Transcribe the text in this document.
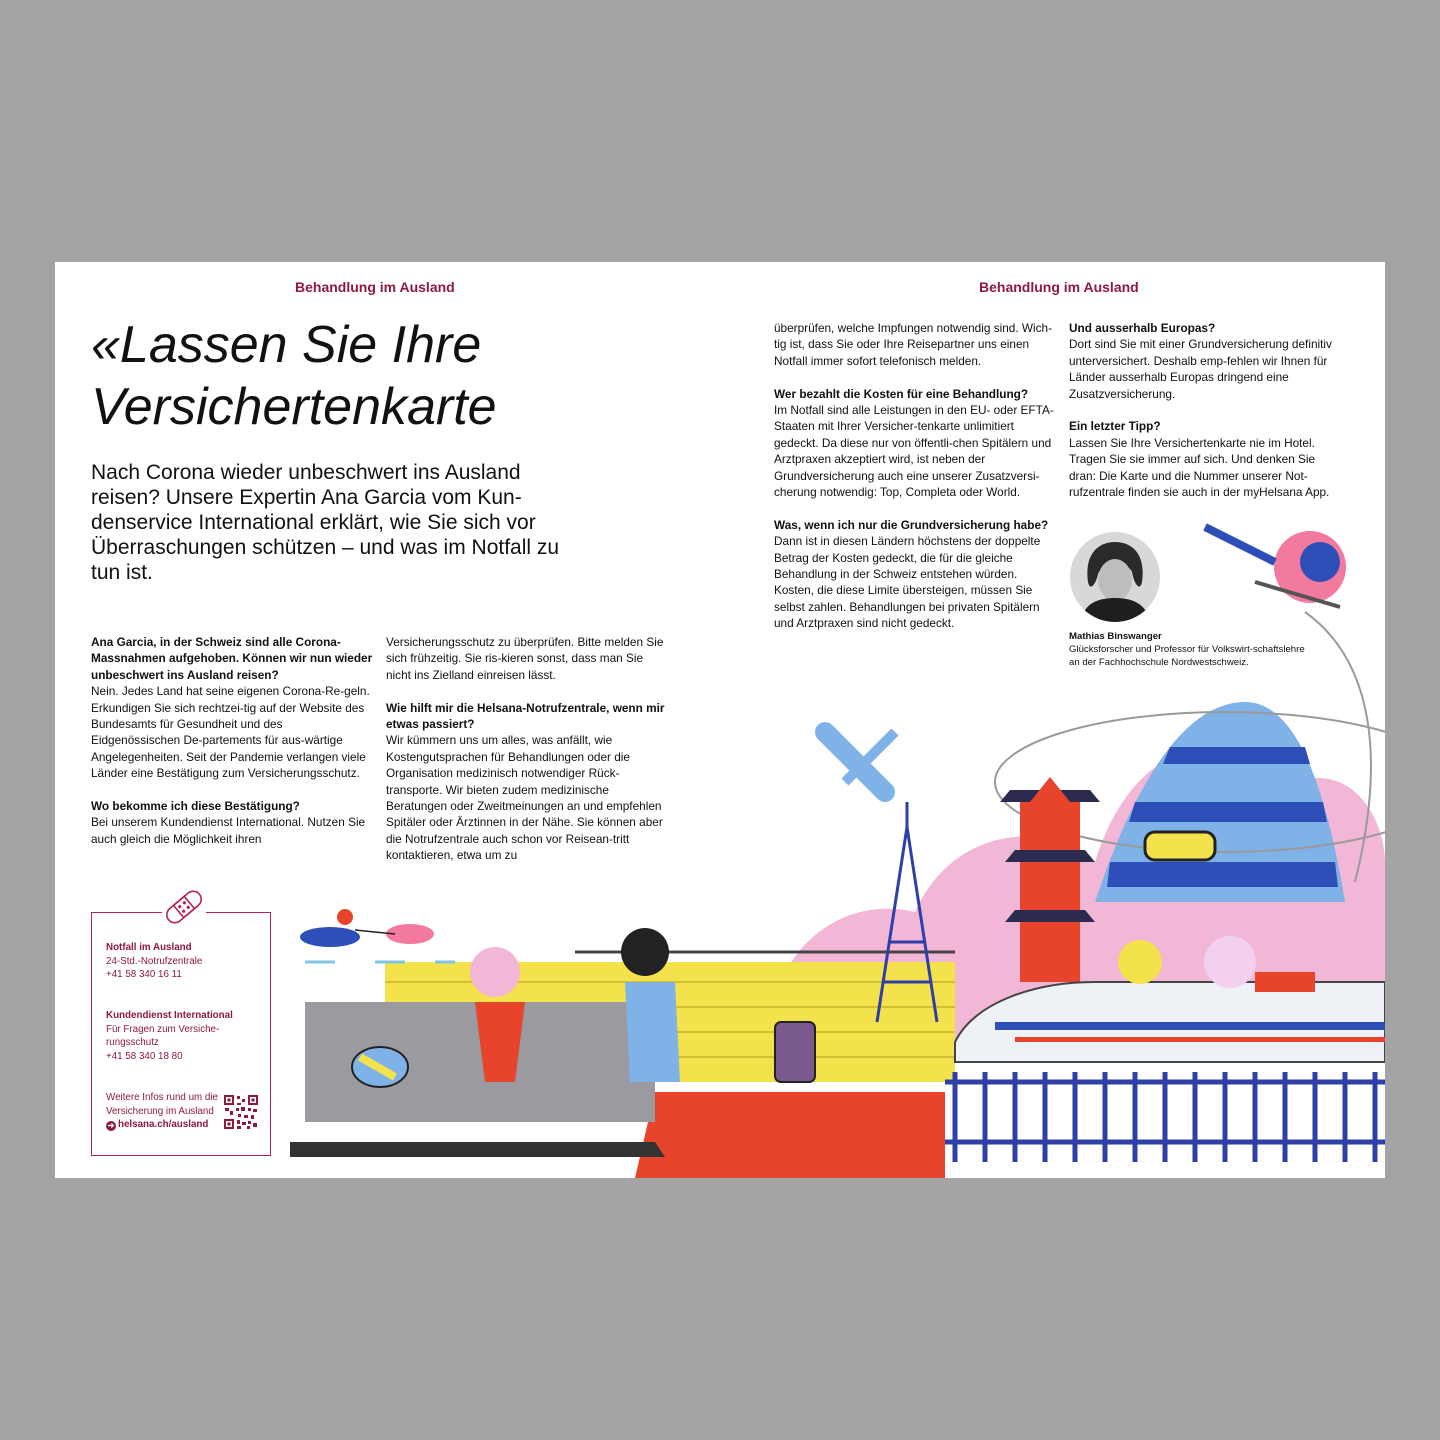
Behandlung im Ausland	Behandlung im Ausland
«Lassen Sie Ihre Versichertenkarte

Nach Corona wieder unbeschwert ins Ausland reisen? Unsere Expertin Ana Garcia vom Kun-denservice International erklärt, wie Sie sich vor Überraschungen schützen – und was im Notfall zu tun ist.

Ana Garcia, in der Schweiz sind alle Corona-Massnahmen aufgehoben. Können wir nun wieder unbeschwert ins Ausland reisen?
Nein. Jedes Land hat seine eigenen Corona-Re-geln. Erkundigen Sie sich rechtzei-tig auf der Website des Bundesamts für Gesundheit und des Eidgenössischen De-partements für aus-wärtige Angelegenheiten. Seit der Pandemie verlangen viele Länder eine Bestätigung zum Versicherungsschutz.

Wo bekomme ich diese Bestätigung?
Bei unserem Kundendienst International. Nutzen Sie auch gleich die Möglichkeit ihren

Versicherungsschutz zu überprüfen. Bitte melden Sie sich frühzeitig. Sie ris-kieren sonst, dass man Sie nicht ins Zielland einreisen lässt.

Wie hilft mir die Helsana-Notrufzentrale, wenn mir etwas passiert?
Wir kümmern uns um alles, was anfällt, wie Kostengutsprachen für Behandlungen oder die Organisation medizinisch notwendiger Rück-transporte. Wir bieten zudem medizinische Beratungen oder Zweitmeinungen an und empfehlen Spitäler oder Ärztinnen in der Nähe. Sie können aber die Notrufzentrale auch schon vor Reisean-tritt kontaktieren, etwa um zu

überprüfen, welche Impfungen notwendig sind. Wich-tig ist, dass Sie oder Ihre Reisepartner uns einen Notfall immer sofort telefonisch melden.

Wer bezahlt die Kosten für eine Behandlung?
Im Notfall sind alle Leistungen in den EU- oder EFTA-Staaten mit Ihrer Versicher-tenkarte unlimitiert gedeckt. Da diese nur von öffentli-chen Spitälern und Arztpraxen akzeptiert wird, ist neben der Grundversicherung auch eine unserer Zusatzversi-cherung notwendig: Top, Completa oder World.

Was, wenn ich nur die Grundversicherung habe?
Dann ist in diesen Ländern höchstens der doppelte Betrag der Kosten gedeckt, die für die gleiche Behandlung in der Schweiz entstehen würden. Kosten, die diese Limite übersteigen, müssen Sie selbst zahlen. Behandlungen bei privaten Spitälern und Arztpraxen sind nicht gedeckt.

Und ausserhalb Europas?
Dort sind Sie mit einer Grundversicherung definitiv unterversichert. Deshalb emp-fehlen wir Ihnen für Länder ausserhalb Europas dringend eine Zusatzversicherung.

Ein letzter Tipp?
Lassen Sie Ihre Versichertenkarte nie im Hotel. Tragen Sie sie immer auf sich. Und denken Sie dran: Die Karte und die Nummer unserer Not-rufzentrale finden sie auch in der myHelsana App.

Mathias Binswanger
Glücksforscher und Professor für Volkswirt-schaftslehre an der Fachhochschule Nordwestschweiz.
Notfall im Ausland
24-Std.-Notrufzentrale
+41 58 340 16 11
Kundendienst International
Für Fragen zum Versiche-rungsschutz
+41 58 340 18 80
Weitere Infos rund um die Versicherung im Ausland
➜ helsana.ch/ausland
